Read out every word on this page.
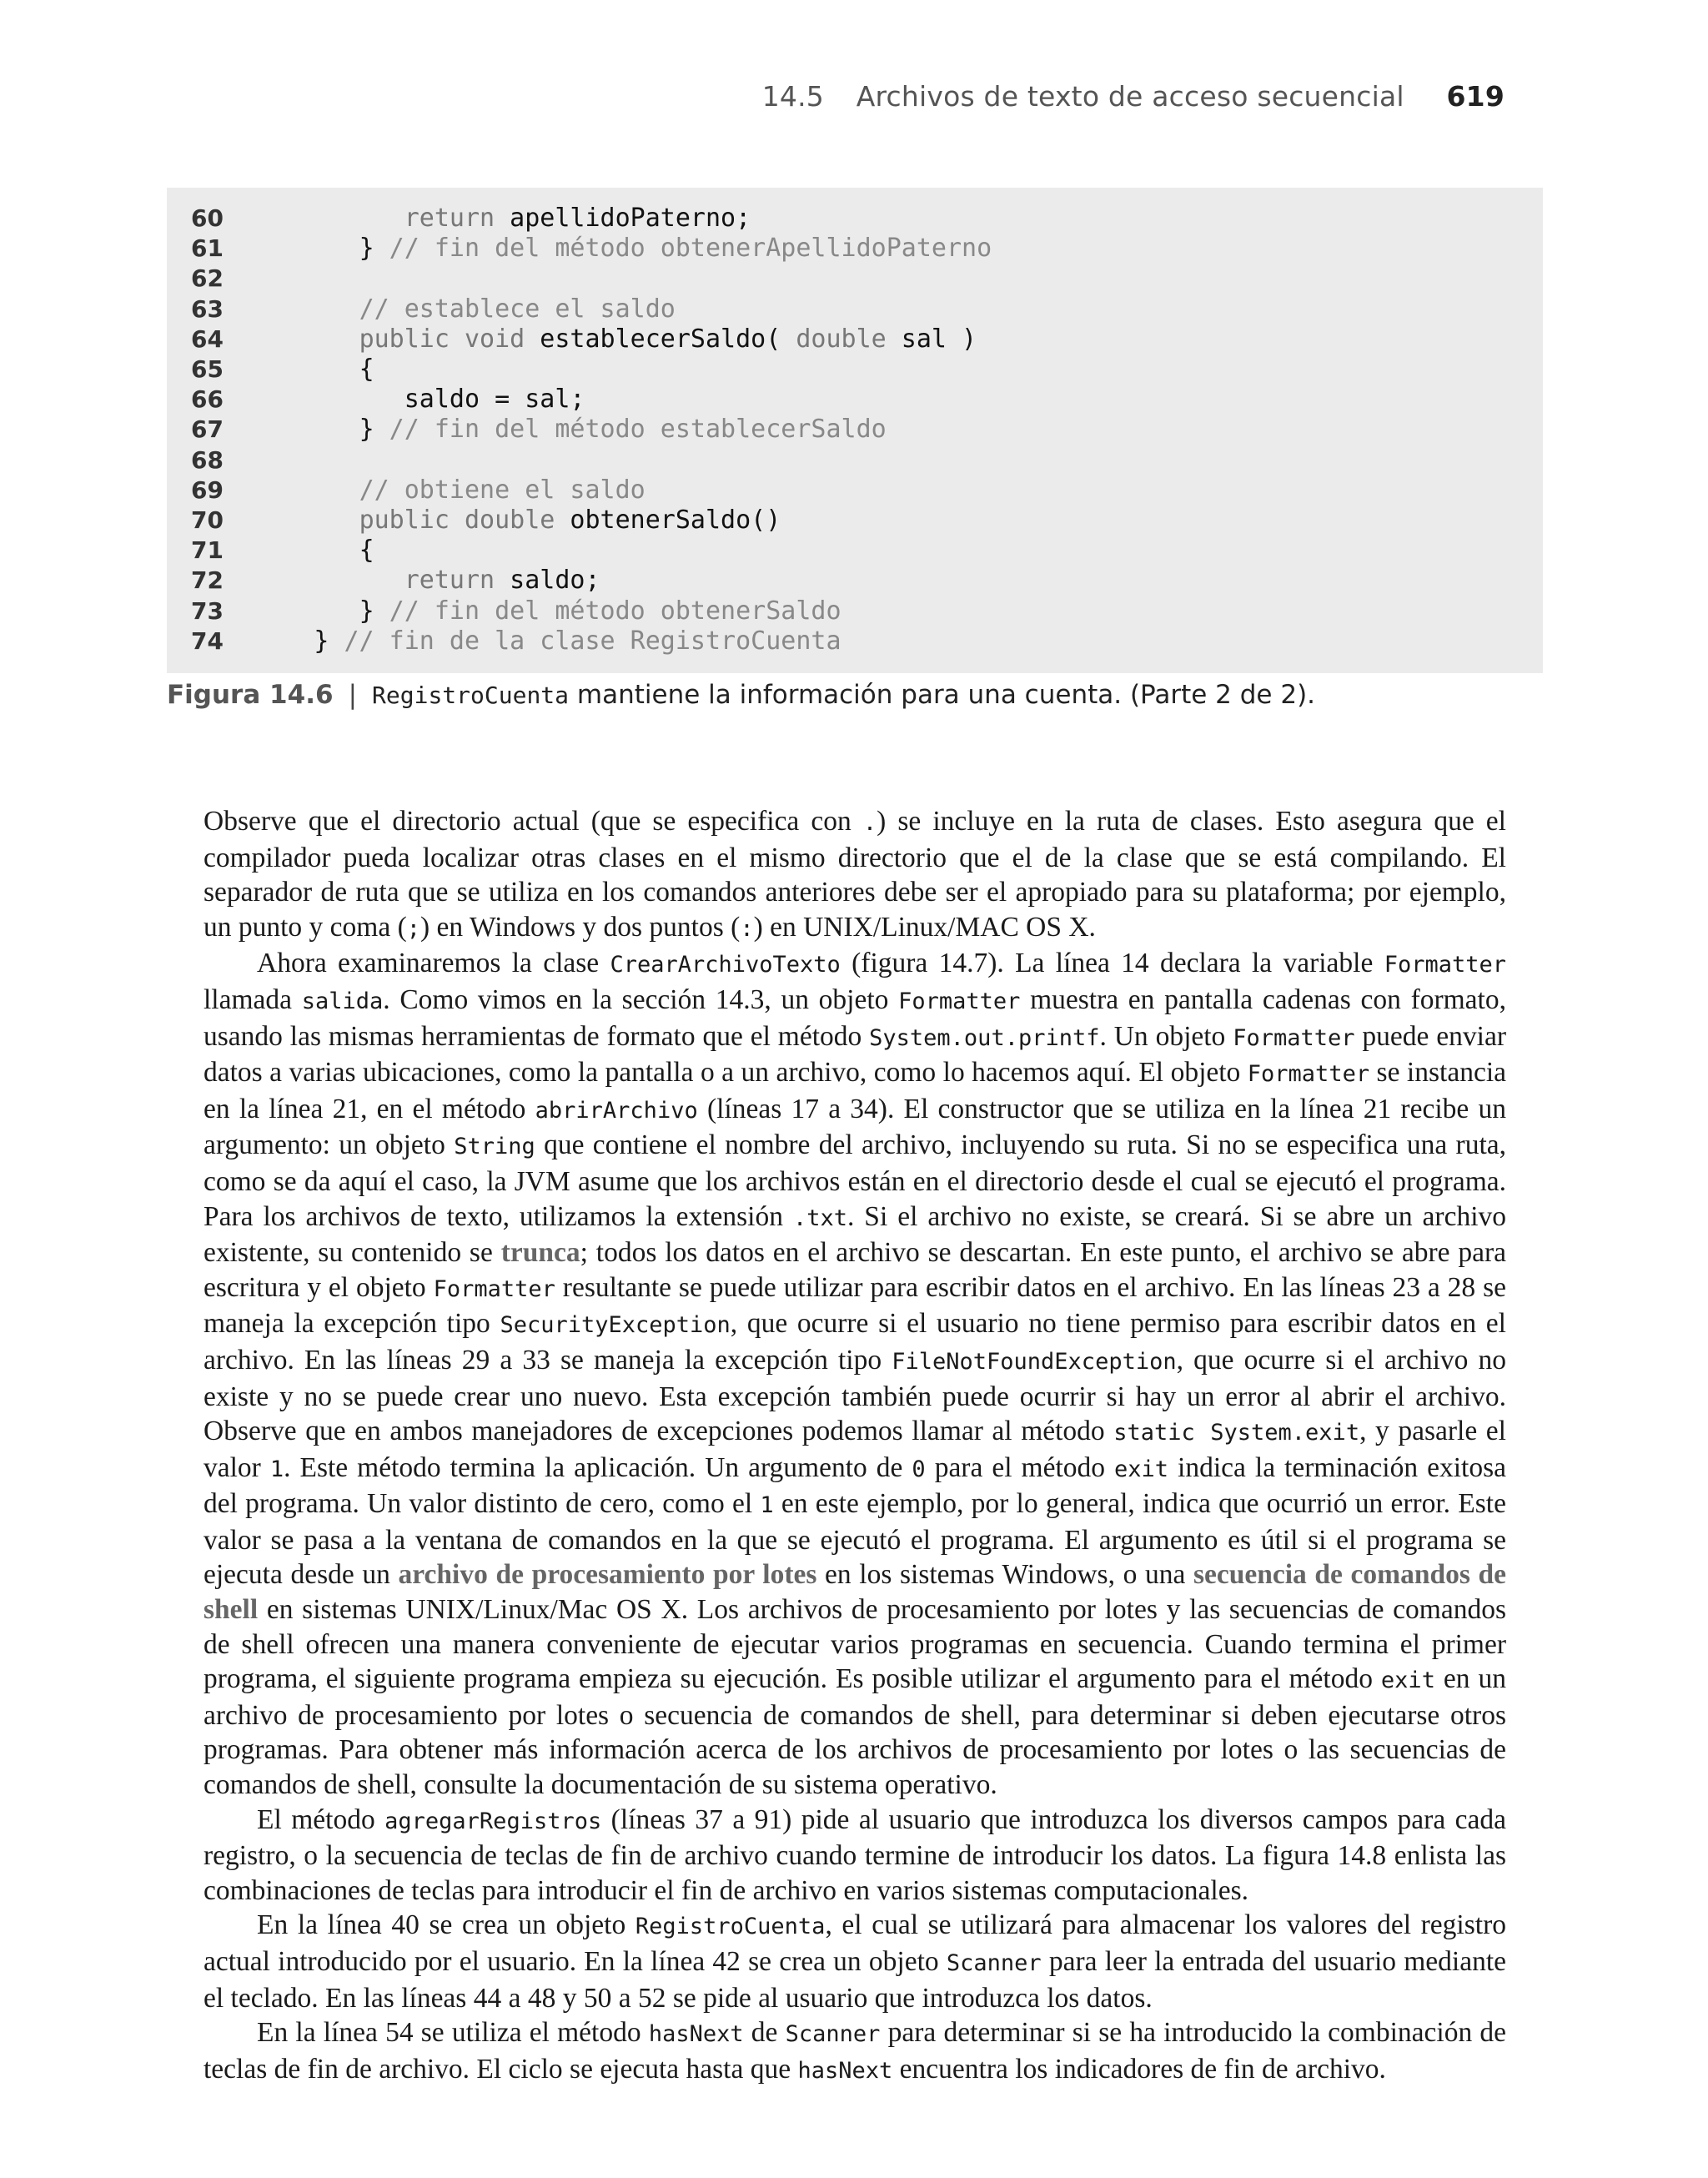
14.5 Archivos de texto de acceso secuencial 619
60	return apellidoPaterno;
61	} // fin del método obtenerApellidoPaterno
62
63	// establece el saldo
64	public void establecerSaldo( double sal )
65	{
66	saldo = sal;
67	} // fin del método establecerSaldo
68
69	// obtiene el saldo
70	public double obtenerSaldo()
71	{
72	return saldo;
73	} // fin del método obtenerSaldo
74	} // fin de la clase RegistroCuenta
Figura 14.6 | RegistroCuenta mantiene la información para una cuenta. (Parte 2 de 2).

Observe que el directorio actual (que se especifica con .) se incluye en la ruta de clases. Esto asegura que el compilador pueda localizar otras clases en el mismo directorio que el de la clase que se está compilando. El separador de ruta que se utiliza en los comandos anteriores debe ser el apropiado para su plataforma; por ejemplo, un punto y coma (;) en Windows y dos puntos (:) en UNIX/Linux/MAC OS X.

Ahora examinaremos la clase CrearArchivoTexto (figura 14.7). La línea 14 declara la variable Formatter llamada salida. Como vimos en la sección 14.3, un objeto Formatter muestra en pantalla cadenas con formato, usando las mismas herramientas de formato que el método System.out.printf. Un objeto Formatter puede enviar datos a varias ubicaciones, como la pantalla o a un archivo, como lo hacemos aquí. El objeto Formatter se instancia en la línea 21, en el método abrirArchivo (líneas 17 a 34). El constructor que se utiliza en la línea 21 recibe un argumento: un objeto String que contiene el nombre del archivo, incluyendo su ruta. Si no se especifica una ruta, como se da aquí el caso, la JVM asume que los archivos están en el directorio desde el cual se ejecutó el programa. Para los archivos de texto, utilizamos la extensión .txt. Si el archivo no existe, se creará. Si se abre un archivo existente, su contenido se trunca; todos los datos en el archivo se descartan. En este punto, el archivo se abre para escritura y el objeto Formatter resultante se puede utilizar para escribir datos en el archivo. En las líneas 23 a 28 se maneja la excepción tipo SecurityException, que ocurre si el usuario no tiene permiso para escribir datos en el archivo. En las líneas 29 a 33 se maneja la excepción tipo FileNotFoundException, que ocurre si el archivo no existe y no se puede crear uno nuevo. Esta excepción también puede ocurrir si hay un error al abrir el archivo. Observe que en ambos manejadores de excepciones podemos llamar al método static System.exit, y pasarle el valor 1. Este método termina la aplicación. Un argumento de 0 para el método exit indica la terminación exitosa del programa. Un valor distinto de cero, como el 1 en este ejemplo, por lo general, indica que ocurrió un error. Este valor se pasa a la ventana de comandos en la que se ejecutó el programa. El argumento es útil si el programa se ejecuta desde un archivo de procesamiento por lotes en los sistemas Windows, o una secuencia de comandos de shell en sistemas UNIX/Linux/Mac OS X. Los archivos de procesamiento por lotes y las secuencias de comandos de shell ofrecen una manera conveniente de ejecutar varios programas en secuencia. Cuando termina el primer programa, el siguiente programa empieza su ejecución. Es posible utilizar el argumento para el método exit en un archivo de procesamiento por lotes o secuencia de comandos de shell, para determinar si deben ejecutarse otros programas. Para obtener más información acerca de los archivos de procesamiento por lotes o las secuencias de comandos de shell, consulte la documentación de su sistema operativo.

El método agregarRegistros (líneas 37 a 91) pide al usuario que introduzca los diversos campos para cada registro, o la secuencia de teclas de fin de archivo cuando termine de introducir los datos. La figura 14.8 enlista las combinaciones de teclas para introducir el fin de archivo en varios sistemas computacionales.

En la línea 40 se crea un objeto RegistroCuenta, el cual se utilizará para almacenar los valores del registro actual introducido por el usuario. En la línea 42 se crea un objeto Scanner para leer la entrada del usuario mediante el teclado. En las líneas 44 a 48 y 50 a 52 se pide al usuario que introduzca los datos.

En la línea 54 se utiliza el método hasNext de Scanner para determinar si se ha introducido la combinación de teclas de fin de archivo. El ciclo se ejecuta hasta que hasNext encuentra los indicadores de fin de archivo.
